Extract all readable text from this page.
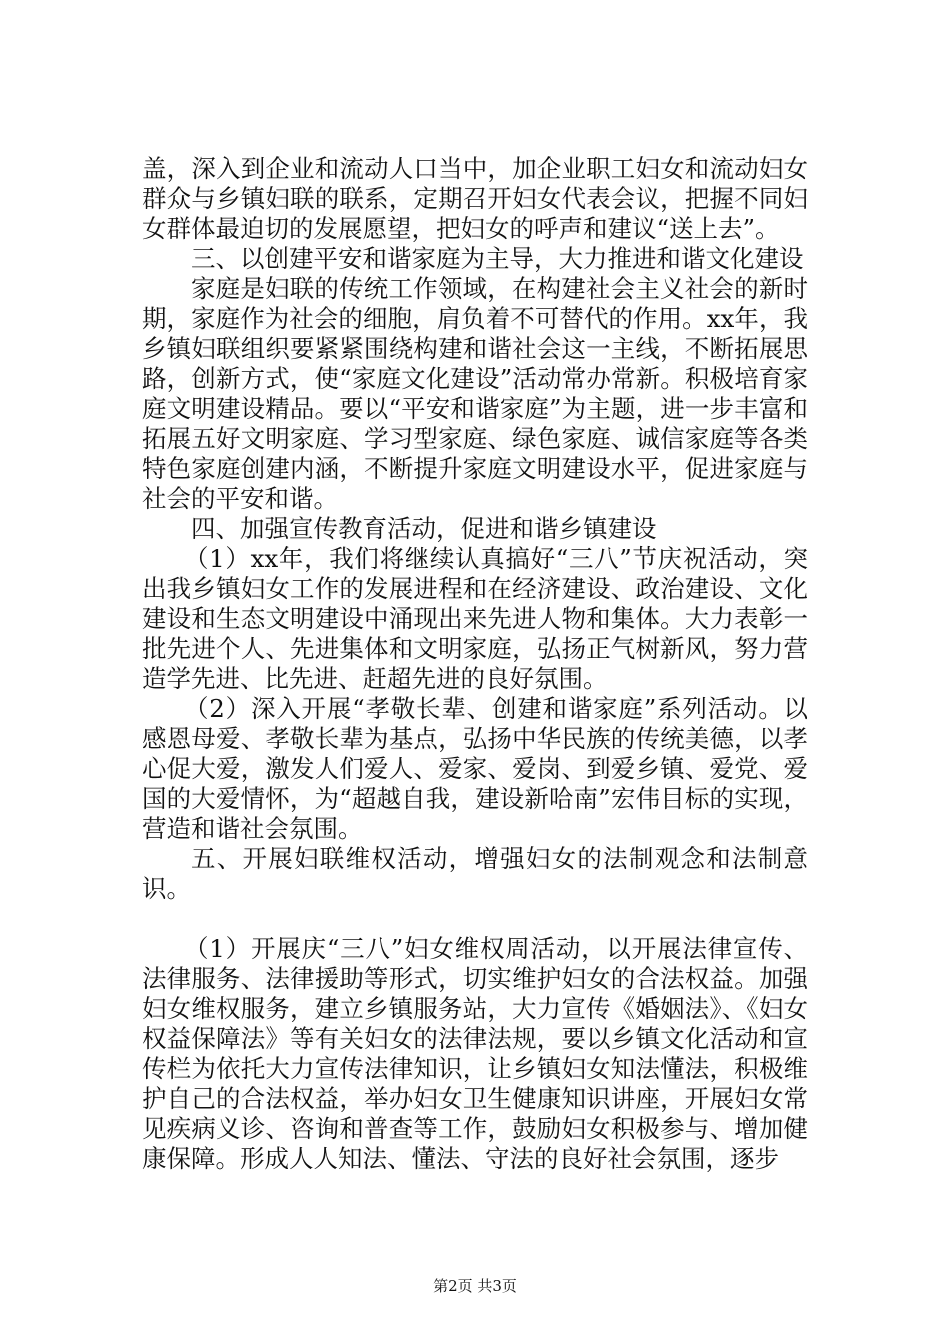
盖，深入到企业和流动人口当中，加企业职工妇女和流动妇女群众与乡镇妇联的联系，定期召开妇女代表会议，把握不同妇女群体最迫切的发展愿望，把妇女的呼声和建议“送上去”。

三、以创建平安和谐家庭为主导，大力推进和谐文化建设

家庭是妇联的传统工作领域，在构建社会主义社会的新时期，家庭作为社会的细胞，肩负着不可替代的作用。xx年，我乡镇妇联组织要紧紧围绕构建和谐社会这一主线，不断拓展思路，创新方式，使“家庭文化建设”活动常办常新。积极培育家庭文明建设精品。要以“平安和谐家庭”为主题，进一步丰富和拓展五好文明家庭、学习型家庭、绿色家庭、诚信家庭等各类特色家庭创建内涵，不断提升家庭文明建设水平，促进家庭与社会的平安和谐。

四、加强宣传教育活动，促进和谐乡镇建设

（1）xx年，我们将继续认真搞好“三八”节庆祝活动，突出我乡镇妇女工作的发展进程和在经济建设、政治建设、文化建设和生态文明建设中涌现出来先进人物和集体。大力表彰一批先进个人、先进集体和文明家庭，弘扬正气树新风，努力营造学先进、比先进、赶超先进的良好氛围。

（2）深入开展“孝敬长辈、创建和谐家庭”系列活动。以感恩母爱、孝敬长辈为基点，弘扬中华民族的传统美德，以孝心促大爱，激发人们爱人、爱家、爱岗、到爱乡镇、爱党、爱国的大爱情怀，为“超越自我，建设新哈南”宏伟目标的实现，营造和谐社会氛围。

五、开展妇联维权活动，增强妇女的法制观念和法制意识。

（1）开展庆“三八”妇女维权周活动，以开展法律宣传、法律服务、法律援助等形式，切实维护妇女的合法权益。加强妇女维权服务，建立乡镇服务站，大力宣传《婚姻法》、《妇女权益保障法》等有关妇女的法律法规，要以乡镇文化活动和宣传栏为依托大力宣传法律知识，让乡镇妇女知法懂法，积极维护自己的合法权益，举办妇女卫生健康知识讲座，开展妇女常见疾病义诊、咨询和普查等工作，鼓励妇女积极参与、增加健康保障。形成人人知法、懂法、守法的良好社会氛围，逐步

第2页 共3页
